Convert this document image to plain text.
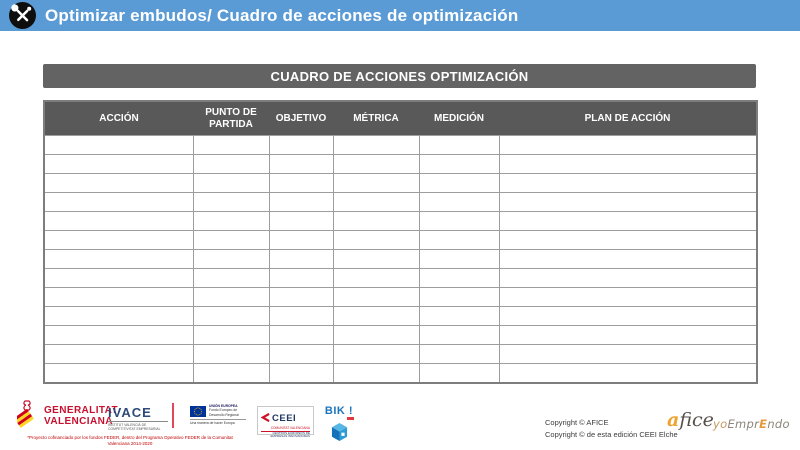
Optimizar embudos/ Cuadro de acciones de optimización
CUADRO DE ACCIONES OPTIMIZACIÓN
ACCIÓN	PUNTO DE PARTIDA	OBJETIVO	MÉTRICA	MEDICIÓN	PLAN DE ACCIÓN

GENERALITAT
VALENCIANA
*Proyecto cofinanciado por los fondos FEDER, dentro del Programa Operativo FEDER de la Comunitat
Valenciana 2014-2020
IVACE
INSTITUT VALENCIÀ DE
COMPETITIVITAT EMPRESARIAL
UNIÓN EUROPEA
Fondo Europeo de
Desarrollo Regional
Una manera de hacer Europa	CEEI
COMUNITAT VALENCIANA
CENTROS EUROPEOS DE EMPRESAS INNOVADORAS
BIK !
Copyright © AFICE
Copyright © de esta edición CEEI Elche
afice yoEmprEndo
